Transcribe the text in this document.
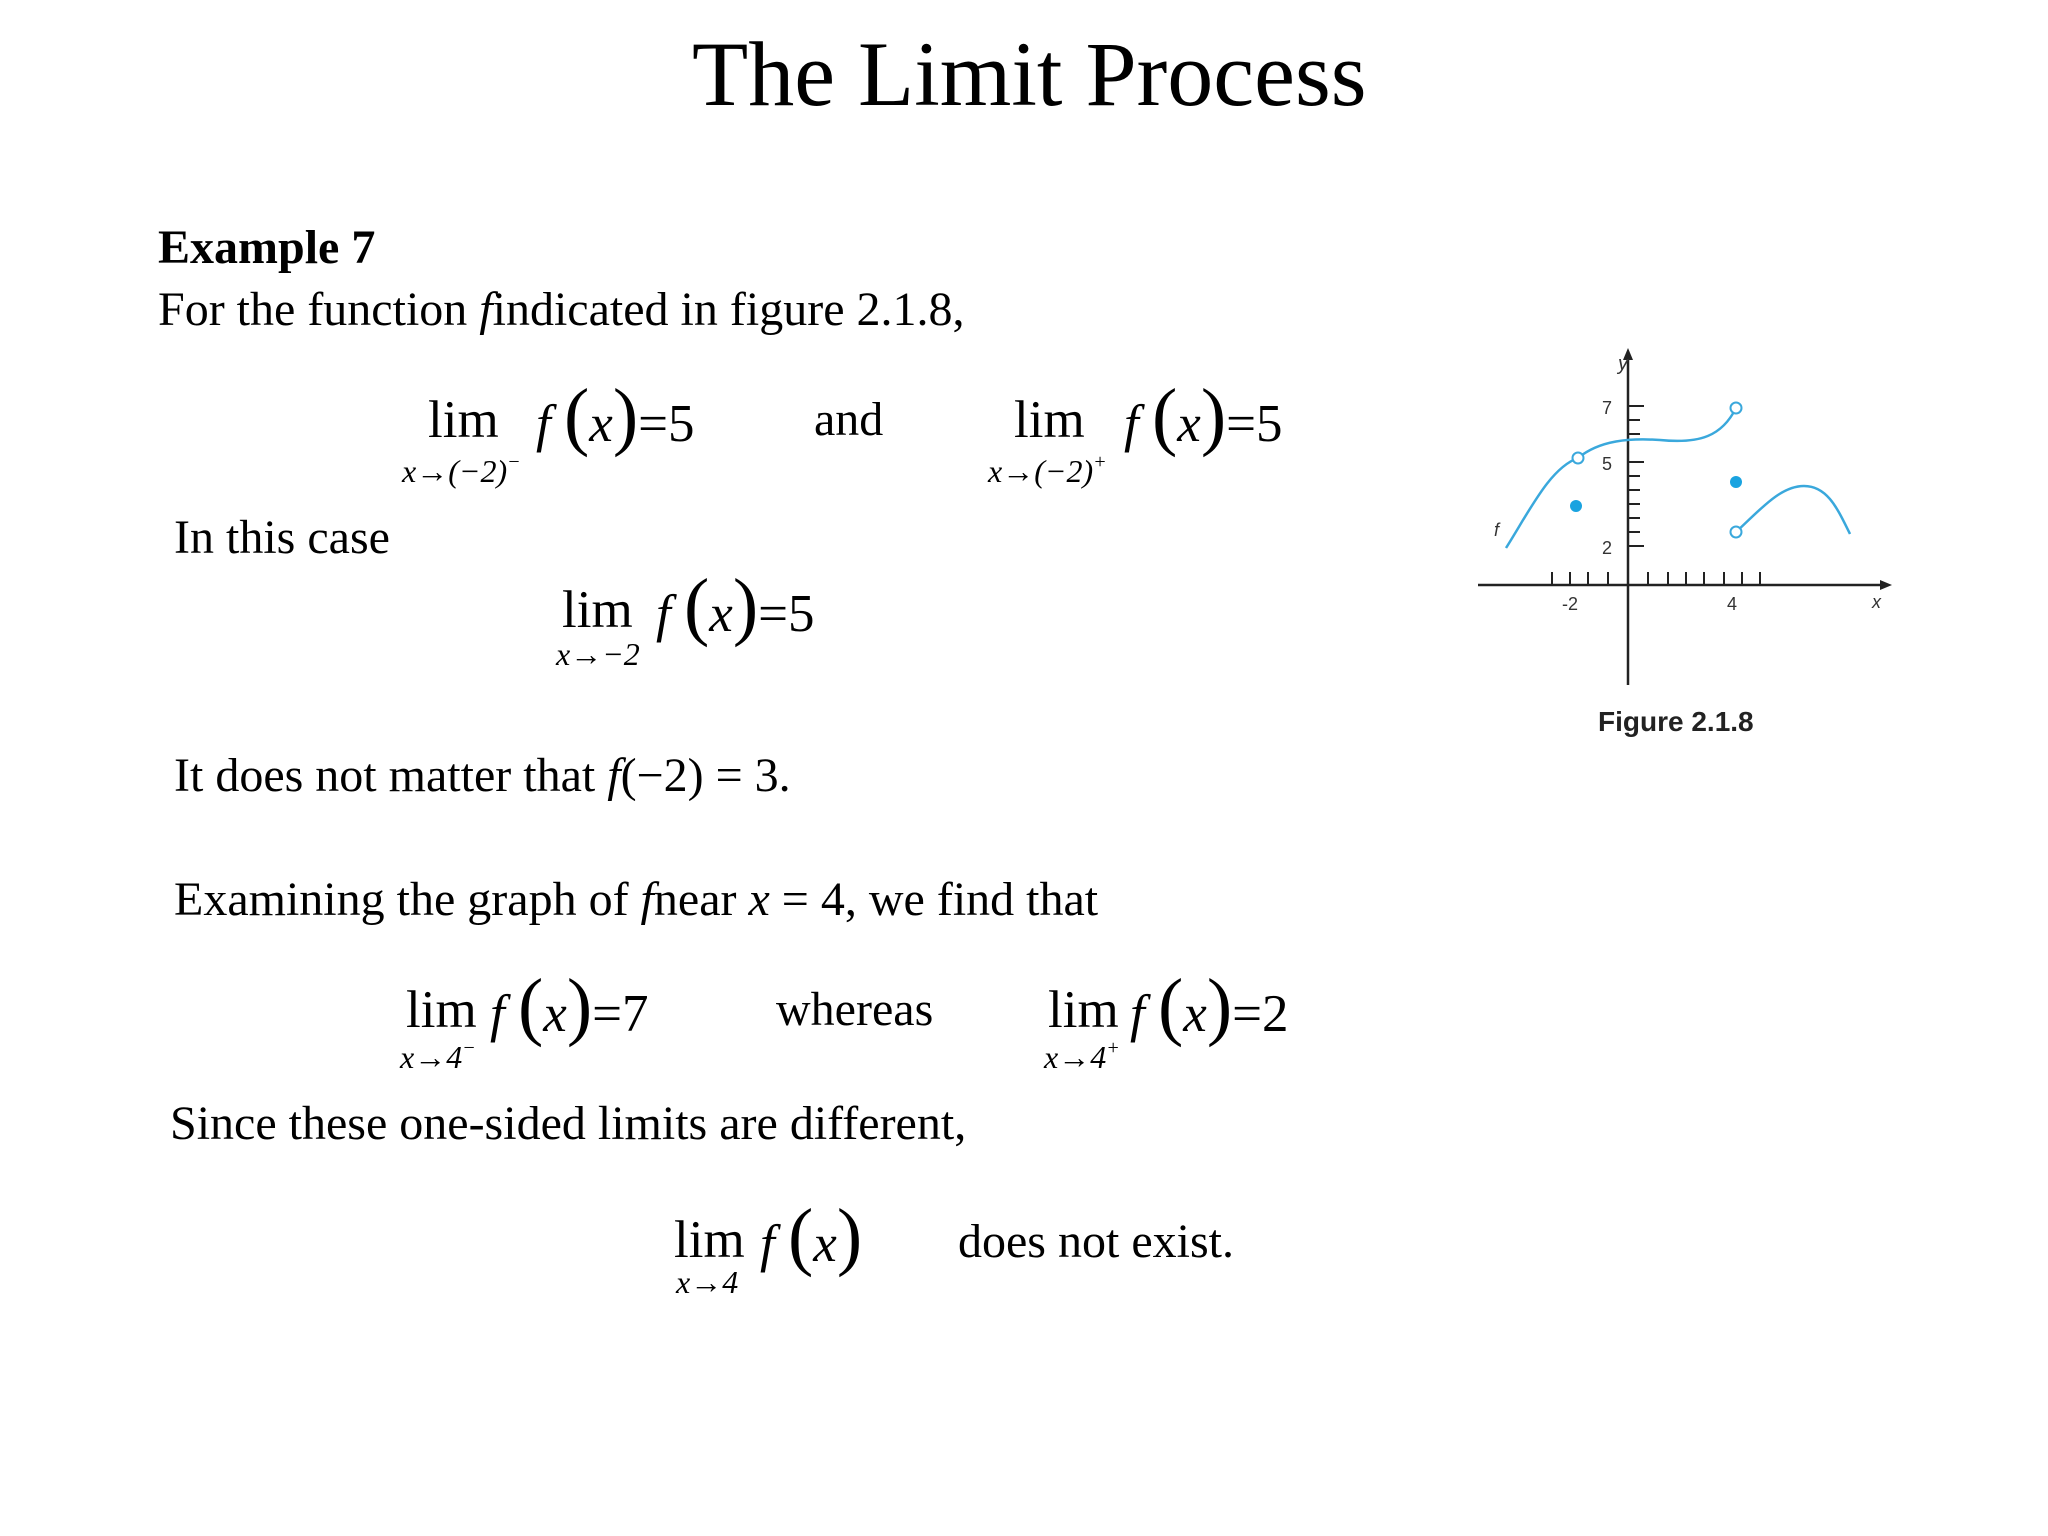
The Limit Process
Example 7
For the function findicated in figure 2.1.8,
lim
x→(−2)−
f (x)=5 and lim
x→(−2)+
f (x)=5
In this case
lim
x→−2
f (x)=5
It does not matter that f(−2) = 3.
Examining the graph of fnear x = 4, we find that
lim
x→4−
f (x)=7	whereas lim
x→4+
f (x)=2
Since these one-sided limits are different,
lim
x→4
f (x) does not exist.
y
7
5
2
-2	4	x
f
Figure 2.1.8
